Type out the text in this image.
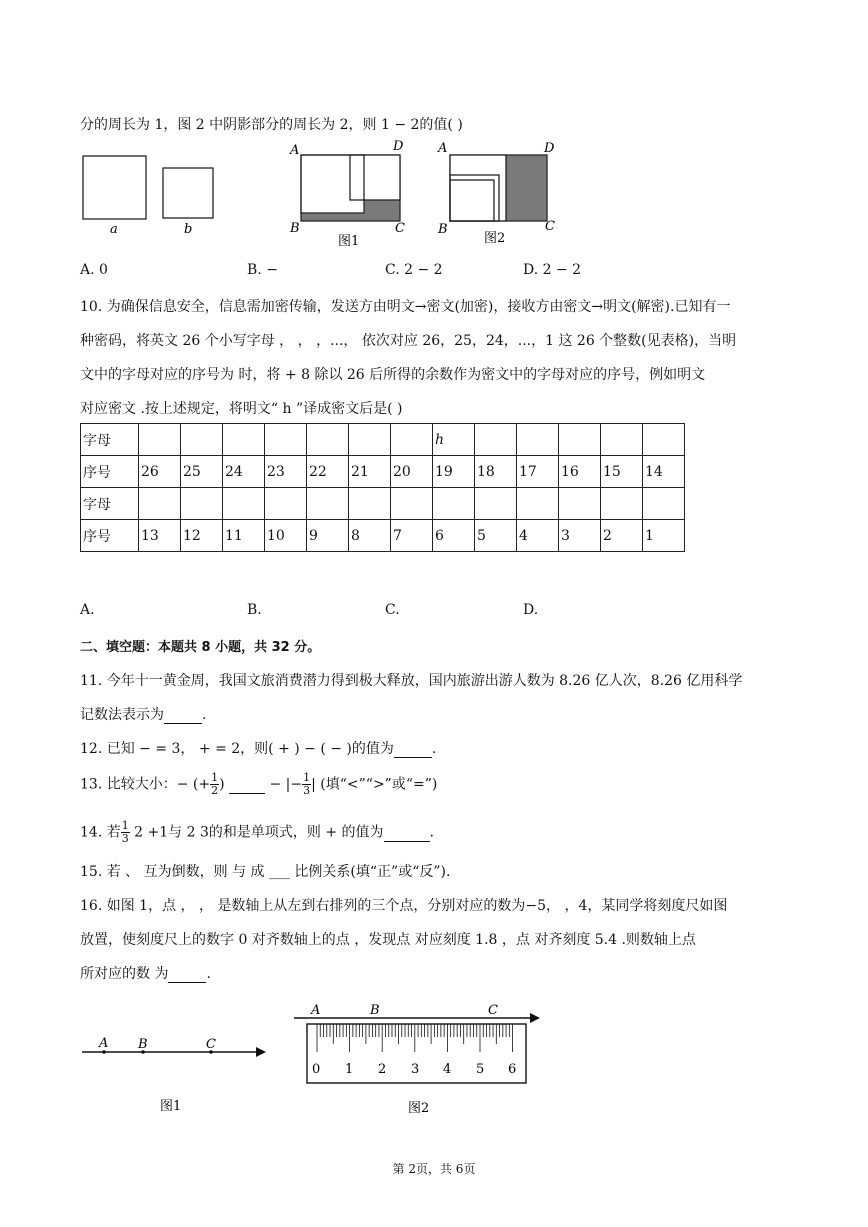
分的周长为 1，图 2 中阴影部分的周长为 2，则 1 − 2的值( )
a	b
A	D
B	C
图1
A	D
B	C
图2
A. 0	B. −	C. 2 − 2	D. 2 − 2
10. 为确保信息安全，信息需加密传输，发送方由明文→密文(加密)，接收方由密文→明文(解密).已知有一
种密码，将英文 26 个小写字母 ， ， ，...， 依次对应 26，25，24，...，1 这 26 个整数(见表格)，当明
文中的字母对应的序号为 时，将 + 8 除以 26 后所得的余数作为密文中的字母对应的序号，例如明文
对应密文 .按上述规定，将明文“ h ”译成密文后是( )
字母								h					
序号	26	25	24	23	22	21	20	19	18	17	16	15	14
字母													
序号	13	12	11	10	9	8	7	6	5	4	3	2	1
A.	B.	C.	D.
二、填空题：本题共 8 小题，共 32 分。
11. 今年十一黄金周，我国文旅消费潜力得到极大释放，国内旅游出游人数为 8.26 亿人次，8.26 亿用科学
记数法表示为	.
12. 已知 − = 3， + = 2，则( + ) − ( − )的值为	.
13. 比较大小：− (+ $\frac{1}{2}$ )	− |− $\frac{1}{3}$ | (填“<”“>”或“=”)
14. 若 $\frac{1}{3} 2 +1$与 2 3的和是单项式，则 + 的值为	.
15. 若 、 互为倒数，则 与 成 ___ 比例关系(填“正”或“反”).
16. 如图 1，点 ， ， 是数轴上从左到右排列的三个点，分别对应的数为−5， ，4，某同学将刻度尺如图
放置，使刻度尺上的数字 0 对齐数轴上的点 ，发现点 对应刻度 1.8 ，点 对齐刻度 5.4 .则数轴上点
所对应的数 为	.
A B	C
图1
A	B	C
0 1 2 3 4 5 6
图2
第 2页，共 6页
